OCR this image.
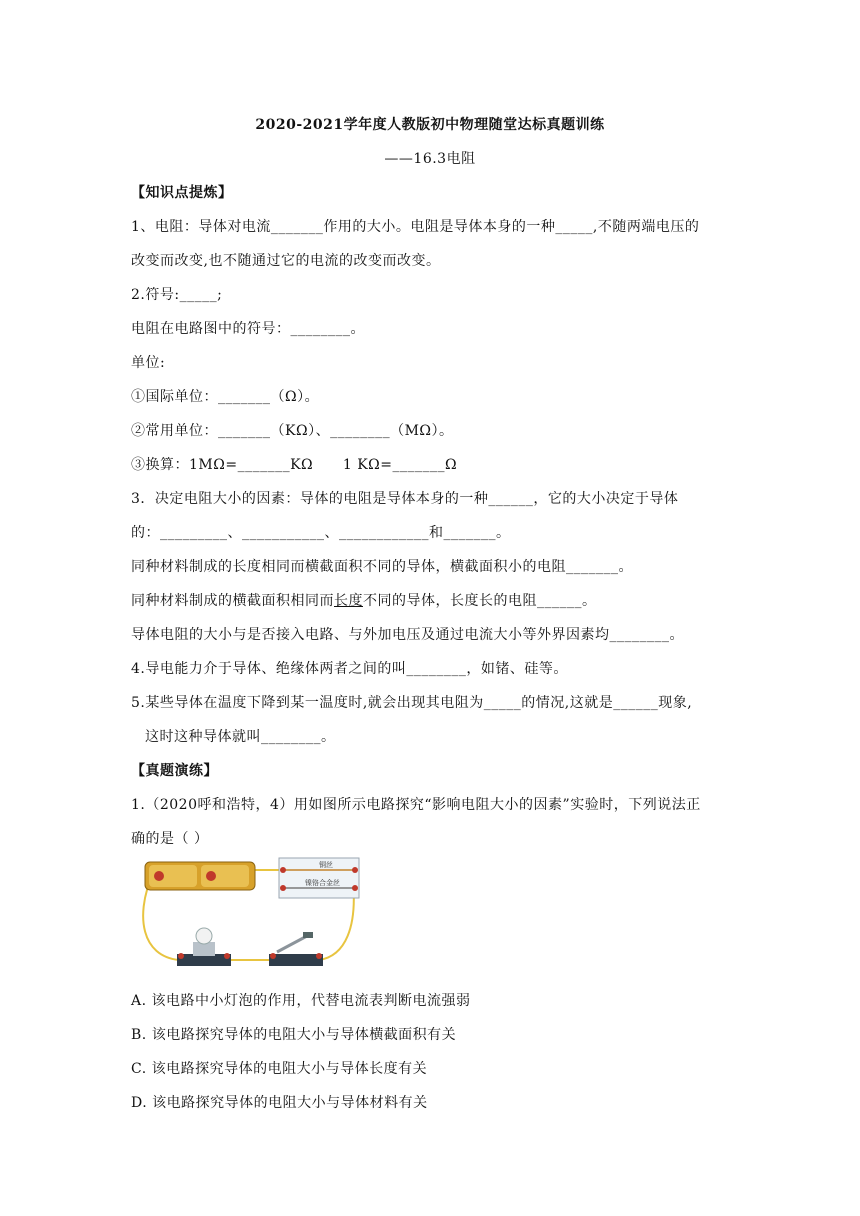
2020-2021学年度人教版初中物理随堂达标真题训练
——16.3电阻
【知识点提炼】
1、电阻：导体对电流_______作用的大小。电阻是导体本身的一种_____,不随两端电压的
改变而改变,也不随通过它的电流的改变而改变。
2.符号:_____;
电阻在电路图中的符号：________。
单位:
①国际单位：_______（Ω）。
②常用单位：_______（KΩ）、________（MΩ）。
③换算：1MΩ=_______KΩ      1 KΩ=_______Ω
3．决定电阻大小的因素：导体的电阻是导体本身的一种______，它的大小决定于导体
的：_________、___________、____________和_______。
同种材料制成的长度相同而横截面积不同的导体，横截面积小的电阻_______。
同种材料制成的横截面积相同而长度不同的导体，长度长的电阻______。
导体电阻的大小与是否接入电路、与外加电压及通过电流大小等外界因素均________。
4.导电能力介于导体、绝缘体两者之间的叫________，如锗、硅等。
5.某些导体在温度下降到某一温度时,就会出现其电阻为_____的情况,这就是______现象,
这时这种导体就叫________。
【真题演练】
1.（2020呼和浩特，4）用如图所示电路探究“影响电阻大小的因素”实验时，下列说法正
确的是（ ）
铜丝
镍铬合金丝
A. 该电路中小灯泡的作用，代替电流表判断电流强弱
B. 该电路探究导体的电阻大小与导体横截面积有关
C. 该电路探究导体的电阻大小与导体长度有关
D. 该电路探究导体的电阻大小与导体材料有关
